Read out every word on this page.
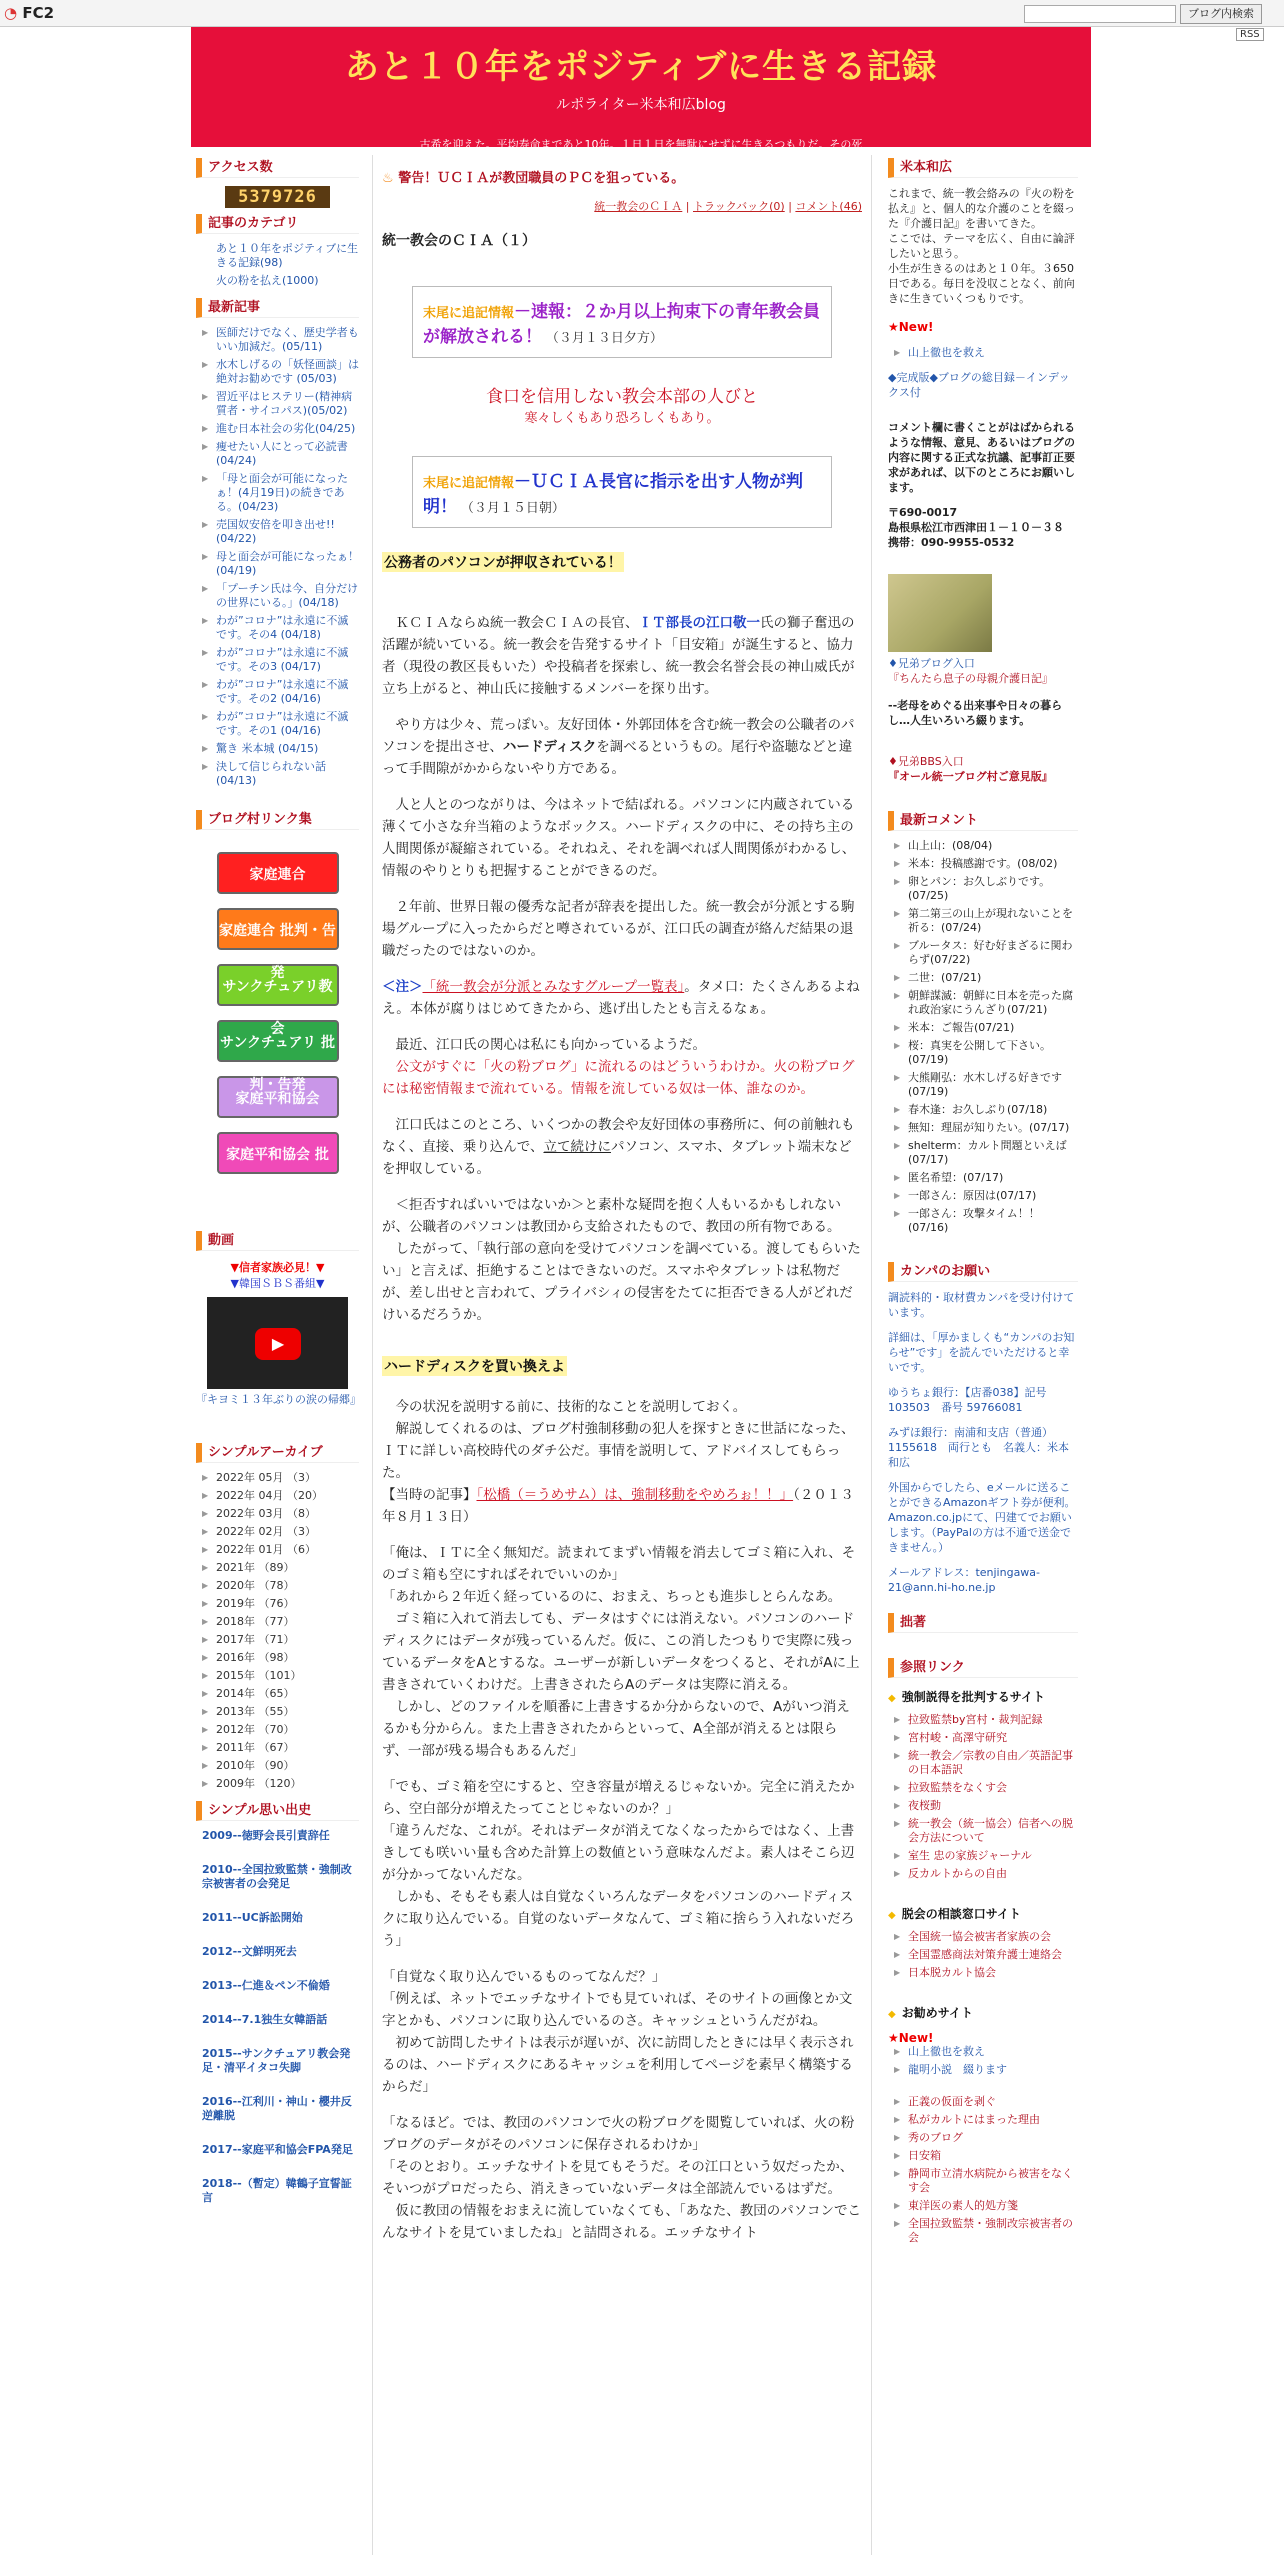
◔ FC2	ブログ内検索
RSS
あと１０年をポジティブに生きる記録
ルポライター米本和広blog
古希を迎えた。平均寿命まであと10年。１日１日を無駄にせずに生きるつもりだ。その死
アクセス数
5379726
記事のカテゴリ
あと１０年をポジティブに生きる記録(98)
火の粉を払え(1000)
最新記事
▶ 医師だけでなく、歴史学者もいい加減だ。(05/11)
▶ 水木しげるの「妖怪画談」は絶対お勧めです (05/03)
▶ 習近平はヒステリー(精神病質者・サイコパス)(05/02)
▶ 進む日本社会の劣化(04/25)
▶ 痩せたい人にとって必読書 (04/24)
▶ 「母と面会が可能になったぁ！(4月19日)の続きである。(04/23)
▶ 売国奴安倍を叩き出せ!!(04/22)
▶ 母と面会が可能になったぁ！(04/19)
▶ 「プーチン氏は今、自分だけの世界にいる。」(04/18)
▶ わが”コロナ”は永遠に不滅です。その4 (04/18)
▶ わが”コロナ”は永遠に不滅です。その3 (04/17)
▶ わが”コロナ”は永遠に不滅です。その2 (04/16)
▶ わが”コロナ”は永遠に不滅です。その1 (04/16)
▶ 驚き 米本城 (04/15)
▶ 決して信じられない話(04/13)
ブログ村リンク集
家庭連合
家庭連合 批判・告
サンクチュアリ教
サンクチュアリ 批
家庭平和協会
家庭平和協会 批判・告発
動画
▼信者家族必見！▼
▼韓国ＳＢＳ番組▼
▶
『キヨミ１３年ぶりの涙の帰郷』
シンプルアーカイブ
▶ 2022年 05月 （3）
▶ 2022年 04月 （20）
▶ 2022年 03月 （8）
▶ 2022年 02月 （3）
▶ 2022年 01月 （6）
▶ 2021年 （89）
▶ 2020年 （78）
▶ 2019年 （76）
▶ 2018年 （77）
▶ 2017年 （71）
▶ 2016年 （98）
▶ 2015年 （101）
▶ 2014年 （65）
▶ 2013年 （55）
▶ 2012年 （70）
▶ 2011年 （67）
▶ 2010年 （90）
▶ 2009年 （120）
シンプル思い出史
2009--徳野会長引責辞任
2010--全国拉致監禁・強制改宗被害者の会発足
2011--UC訴訟開始
2012--文鮮明死去
2013--仁進＆ペン不倫婚
2014--7.1独生女韓語話
2015--サンクチュアリ教会発足・清平イタコ失脚
2016--江利川・神山・櫻井反逆離脱
2017--家庭平和協会FPA発足
2018--（暫定）韓鶴子宣誓証言
♨ 警告！ＵＣＩＡが教団職員のＰＣを狙っている。
統一教会のＣＩＡ | トラックバック(0) | コメント(46)
統一教会のＣＩＡ（１）
末尾に追記情報－速報：２か月以上拘束下の青年教会員が解放される！ （３月１３日夕方）
食口を信用しない教会本部の人びと
寒々しくもあり恐ろしくもあり。
末尾に追記情報－ＵＣＩＡ長官に指示を出す人物が判明！ （３月１５日朝）
公務者のパソコンが押収されている！

　ＫＣＩＡならぬ統一教会ＣＩＡの長官、ＩＴ部長の江口敬一氏の獅子奮迅の活躍が続いている。統一教会を告発するサイト「目安箱」が誕生すると、協力者（現役の教区長もいた）や投稿者を探索し、統一教会名誉会長の神山威氏が立ち上がると、神山氏に接触するメンバーを探り出す。

　やり方は少々、荒っぽい。友好団体・外郭団体を含む統一教会の公職者のパソコンを提出させ、ハードディスクを調べるというもの。尾行や盗聴などと違って手間隙がかからないやり方である。

　人と人とのつながりは、今はネットで結ばれる。パソコンに内蔵されている薄くて小さな弁当箱のようなボックス。ハードディスクの中に、その持ち主の人間関係が凝縮されている。それねえ、それを調べれば人間関係がわかるし、情報のやりとりも把握することができるのだ。

　２年前、世界日報の優秀な記者が辞表を提出した。統一教会が分派とする駒場グループに入ったからだと噂されているが、江口氏の調査が絡んだ結果の退職だったのではないのか。

＜注＞「統一教会が分派とみなすグループ一覧表」。タメ口：たくさんあるよねえ。本体が腐りはじめてきたから、逃げ出したとも言えるなぁ。

　最近、江口氏の関心は私にも向かっているようだ。

　公文がすぐに「火の粉ブログ」に流れるのはどういうわけか。火の粉ブログには秘密情報まで流れている。情報を流している奴は一体、誰なのか。

　江口氏はこのところ、いくつかの教会や友好団体の事務所に、何の前触れもなく、直接、乗り込んで、立て続けにパソコン、スマホ、タブレット端末などを押収している。

　＜拒否すればいいではないか＞と素朴な疑問を抱く人もいるかもしれないが、公職者のパソコンは教団から支給されたもので、教団の所有物である。

　したがって、「執行部の意向を受けてパソコンを調べている。渡してもらいたい」と言えば、拒絶することはできないのだ。スマホやタブレットは私物だが、差し出せと言われて、プライバシィの侵害をたてに拒否できる人がどれだけいるだろうか。

ハードディスクを買い換えよ

　今の状況を説明する前に、技術的なことを説明しておく。

　解説してくれるのは、ブログ村強制移動の犯人を探すときに世話になった、ＩＴに詳しい高校時代のダチ公だ。事情を説明して、アドバイスしてもらった。

【当時の記事】「松橋（＝うめサム）は、強制移動をやめろぉ！！」（２０１３年８月１３日）

「俺は、ＩＴに全く無知だ。読まれてまずい情報を消去してゴミ箱に入れ、そのゴミ箱も空にすればそれでいいのか」

「あれから２年近く経っているのに、おまえ、ちっとも進歩しとらんなあ。

　ゴミ箱に入れて消去しても、データはすぐには消えない。パソコンのハードディスクにはデータが残っているんだ。仮に、この消したつもりで実際に残っているデータをAとするな。ユーザーが新しいデータをつくると、それがAに上書きされていくわけだ。上書きされたらAのデータは実際に消える。

　しかし、どのファイルを順番に上書きするか分からないので、Aがいつ消えるかも分からん。また上書きされたからといって、A全部が消えるとは限らず、一部が残る場合もあるんだ」

「でも、ゴミ箱を空にすると、空き容量が増えるじゃないか。完全に消えたから、空白部分が増えたってことじゃないのか？」

「違うんだな、これが。それはデータが消えてなくなったからではなく、上書きしても咲いい量も含めた計算上の数値という意味なんだよ。素人はそこら辺が分かってないんだな。

　しかも、そもそも素人は自覚なくいろんなデータをパソコンのハードディスクに取り込んでいる。自覚のないデータなんて、ゴミ箱に捨らう入れないだろう」

「自覚なく取り込んでいるものってなんだ？」

「例えば、ネットでエッチなサイトでも見ていれば、そのサイトの画像とか文字とかも、パソコンに取り込んでいるのさ。キャッシュというんだがね。

　初めて訪問したサイトは表示が遅いが、次に訪問したときには早く表示されるのは、ハードディスクにあるキャッシュを利用してページを素早く構築するからだ」

「なるほど。では、教団のパソコンで火の粉ブログを閲覧していれば、火の粉ブログのデータがそのパソコンに保存されるわけか」

「そのとおり。エッチなサイトを見てもそうだ。その江口という奴だったか、そいつがプロだったら、消えきっていないデータは全部読んでいるはずだ。

　仮に教団の情報をおまえに流していなくても、「あなた、教団のパソコンでこんなサイトを見ていましたね」と詰問される。エッチなサイト

米本和広
これまで、統一教会絡みの『火の粉を払え』と、個人的な介護のことを綴った『介護日記』を書いてきた。
ここでは、テーマを広く、自由に論評したいと思う。
小生が生きるのはあと１０年。３650日である。毎日を没収ことなく、前向きに生きていくつもりです。
★New!
▶ 山上徹也を救え
◆完成版◆ブログの総目録－インデックス付
コメント欄に書くことがはばかられるような情報、意見、あるいはブログの内容に関する正式な抗議、記事訂正要求があれば、以下のところにお願いします。
〒690-0017
島根県松江市西津田１－１０－３８
携帯：090-9955-0532
♦兄弟ブログ入口
『ちんたら息子の母親介護日記』
--老母をめぐる出来事や日々の暮らし…人生いろいろ綴ります。
♦兄弟BBS入口
『オール統一ブログ村ご意見版』
最新コメント
▶ 山上山：(08/04)
▶ 米本：投稿感謝です。(08/02)
▶ 卵とパン：お久しぶりです。(07/25)
▶ 第二第三の山上が現れないことを祈る：(07/24)
▶ ブルータス：好む好まざるに関わらず(07/22)
▶ 二世：(07/21)
▶ 朝鮮謀滅：朝鮮に日本を売った腐れ政治家にうんざり(07/21)
▶ 米本：ご報告(07/21)
▶ 桜：真実を公開して下さい。(07/19)
▶ 大熊剛弘：水木しげる好きです(07/19)
▶ 春木逢：お久しぶり(07/18)
▶ 無知：理屈が知りたい。(07/17)
▶ shelterm：カルト問題といえば(07/17)
▶ 匿名希望：(07/17)
▶ 一郎さん：原因は(07/17)
▶ 一郎さん：攻撃タイム！！(07/16)
カンパのお願い
調読料的・取材費カンパを受け付けています。
詳細は、「厚かましくも“カンパのお知らせ”です」を読んでいただけると幸いです。
ゆうちょ銀行：【店番038】記号 103503　番号 59766081
みずほ銀行：南浦和支店（普通）1155618　両行とも　名義人：米本和広
外国からでしたら、eメールに送ることができるAmazonギフト券が便利。Amazon.co.jpにて、円建てでお願いします。（PayPalの方は不通で送金できません。）
メールアドレス：tenjingawa-21@ann.hi-ho.ne.jp
拙著
参照リンク
◆ 強制説得を批判するサイト
▶ 拉致監禁by宮村・裁判記録
▶ 宮村峻・高澤守研究
▶ 統一教会／宗教の自由／英語記事の日本語訳
▶ 拉致監禁をなくす会
▶ 夜桜動
▶ 統一教会（統一協会）信者への脱会方法について
▶ 室生 忠の家族ジャーナル
▶ 反カルトからの自由
◆ 脱会の相談窓口サイト
▶ 全国統一協会被害者家族の会
▶ 全国霊感商法対策弁護士連絡会
▶ 日本脱カルト協会
◆ お勧めサイト
★New!
▶ 山上徹也を救え
▶ 龍明小説　綴ります
▶ 正義の仮面を剥ぐ
▶ 私がカルトにはまった理由
▶ 秀のブログ
▶ 日安箱
▶ 静岡市立清水病院から被害をなくす会
▶ 東洋医の素人的処方箋
▶ 全国拉致監禁・強制改宗被害者の会
